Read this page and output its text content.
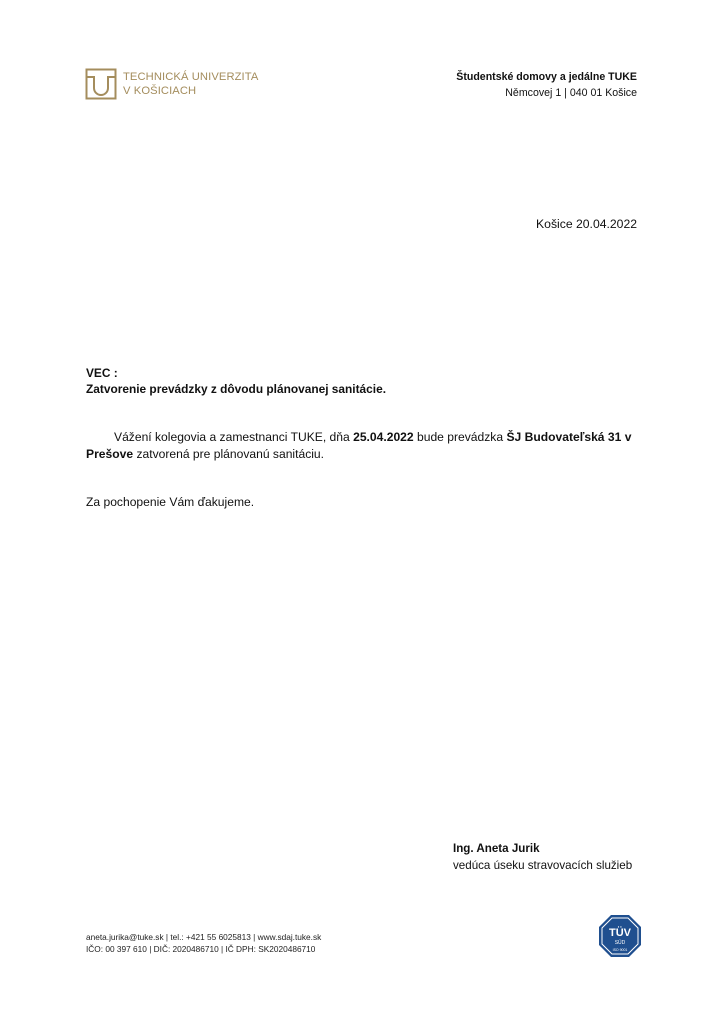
TECHNICKÁ UNIVERZITA
V KOŠICIACH
Študentské domovy a jedálne TUKE
Němcovej 1 | 040 01 Košice
Košice 20.04.2022
VEC :
Zatvorenie prevádzky z dôvodu plánovanej sanitácie.
Vážení kolegovia a zamestnanci TUKE, dňa 25.04.2022 bude prevádzka ŠJ Budovateľská 31 v Prešove zatvorená pre plánovanú sanitáciu.
Za pochopenie Vám ďakujeme.
Ing. Aneta Jurik
vedúca úseku stravovacích služieb
aneta.jurika@tuke.sk | tel.: +421 55 6025813 | www.sdaj.tuke.sk
IČO: 00 397 610 | DIČ: 2020486710 | IČ DPH: SK2020486710
TÜV
SÜD
ISO 9001
